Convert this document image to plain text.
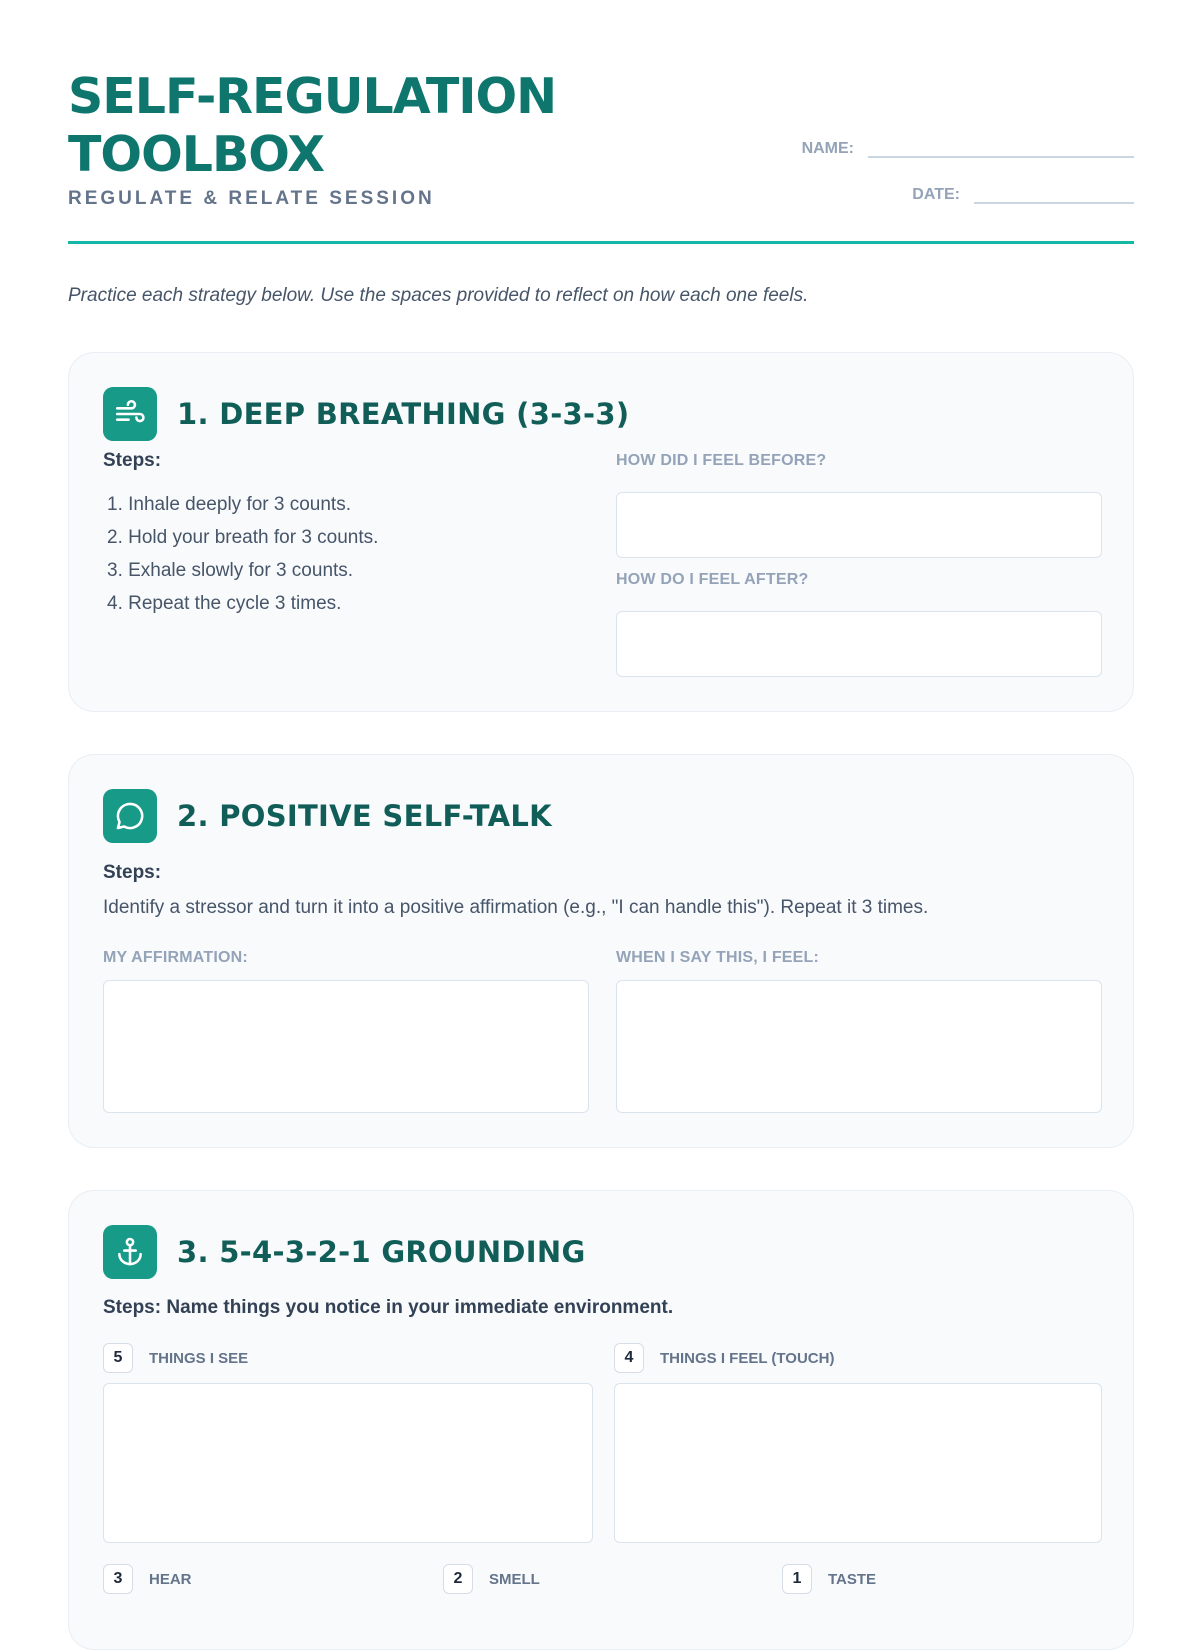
SELF-REGULATION TOOLBOX
REGULATE & RELATE SESSION
NAME:
DATE:
Practice each strategy below. Use the spaces provided to reflect on how each one feels.
1. DEEP BREATHING (3-3-3)
Steps:
1. Inhale deeply for 3 counts.
2. Hold your breath for 3 counts.
3. Exhale slowly for 3 counts.
4. Repeat the cycle 3 times.
HOW DID I FEEL BEFORE?
HOW DO I FEEL AFTER?
2. POSITIVE SELF-TALK
Steps:
Identify a stressor and turn it into a positive affirmation (e.g., "I can handle this"). Repeat it 3 times.
MY AFFIRMATION:	WHEN I SAY THIS, I FEEL:
3. 5-4-3-2-1 GROUNDING
Steps: Name things you notice in your immediate environment.
5	THINGS I SEE	4	THINGS I FEEL (TOUCH)
3	HEAR	2	SMELL	1	TASTE
